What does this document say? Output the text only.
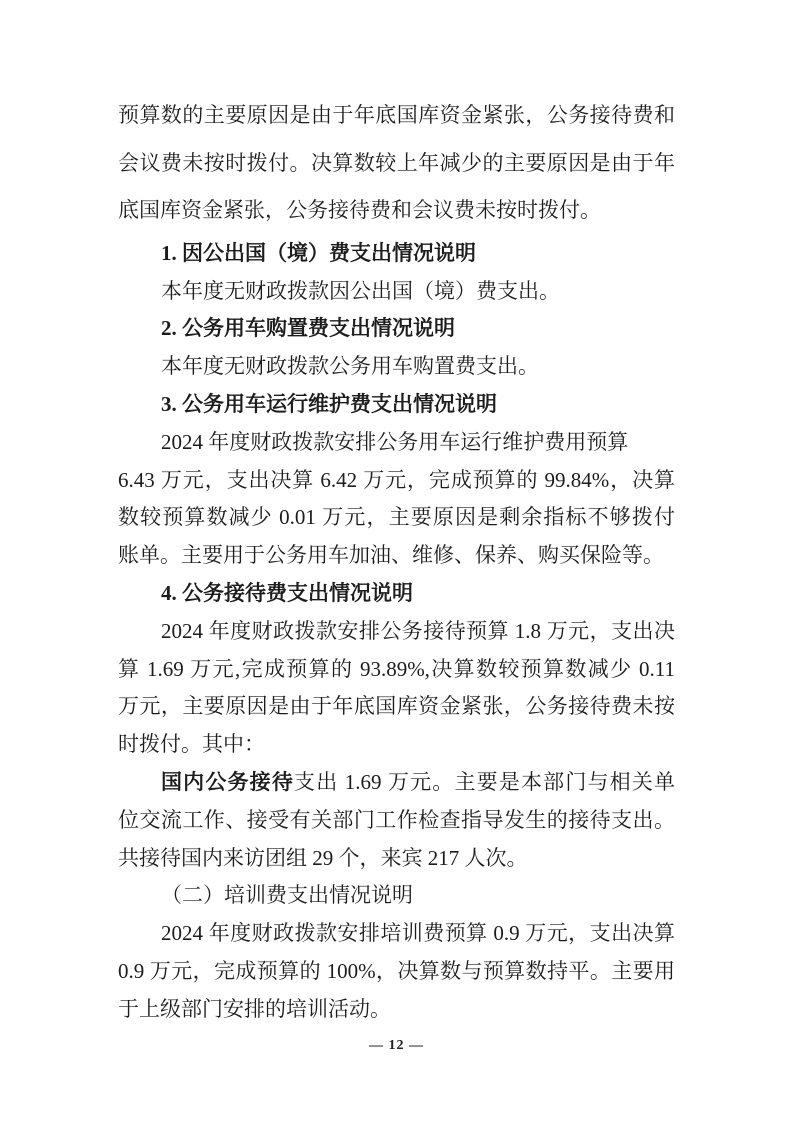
预算数的主要原因是由于年底国库资金紧张，公务接待费和
会议费未按时拨付。决算数较上年减少的主要原因是由于年
底国库资金紧张，公务接待费和会议费未按时拨付。
1. 因公出国（境）费支出情况说明
本年度无财政拨款因公出国（境）费支出。
2. 公务用车购置费支出情况说明
本年度无财政拨款公务用车购置费支出。
3. 公务用车运行维护费支出情况说明
2024 年度财政拨款安排公务用车运行维护费用预算
6.43 万元，支出决算 6.42 万元，完成预算的 99.84%，决算
数较预算数减少 0.01 万元，主要原因是剩余指标不够拨付
账单。主要用于公务用车加油、维修、保养、购买保险等。
4. 公务接待费支出情况说明
2024 年度财政拨款安排公务接待预算 1.8 万元，支出决
算 1.69 万元,完成预算的 93.89%,决算数较预算数减少 0.11
万元，主要原因是由于年底国库资金紧张，公务接待费未按
时拨付。其中：
国内公务接待支出 1.69 万元。主要是本部门与相关单
位交流工作、接受有关部门工作检查指导发生的接待支出。
共接待国内来访团组 29 个，来宾 217 人次。
（二）培训费支出情况说明
2024 年度财政拨款安排培训费预算 0.9 万元，支出决算
0.9 万元，完成预算的 100%，决算数与预算数持平。主要用
于上级部门安排的培训活动。
— 12 —
